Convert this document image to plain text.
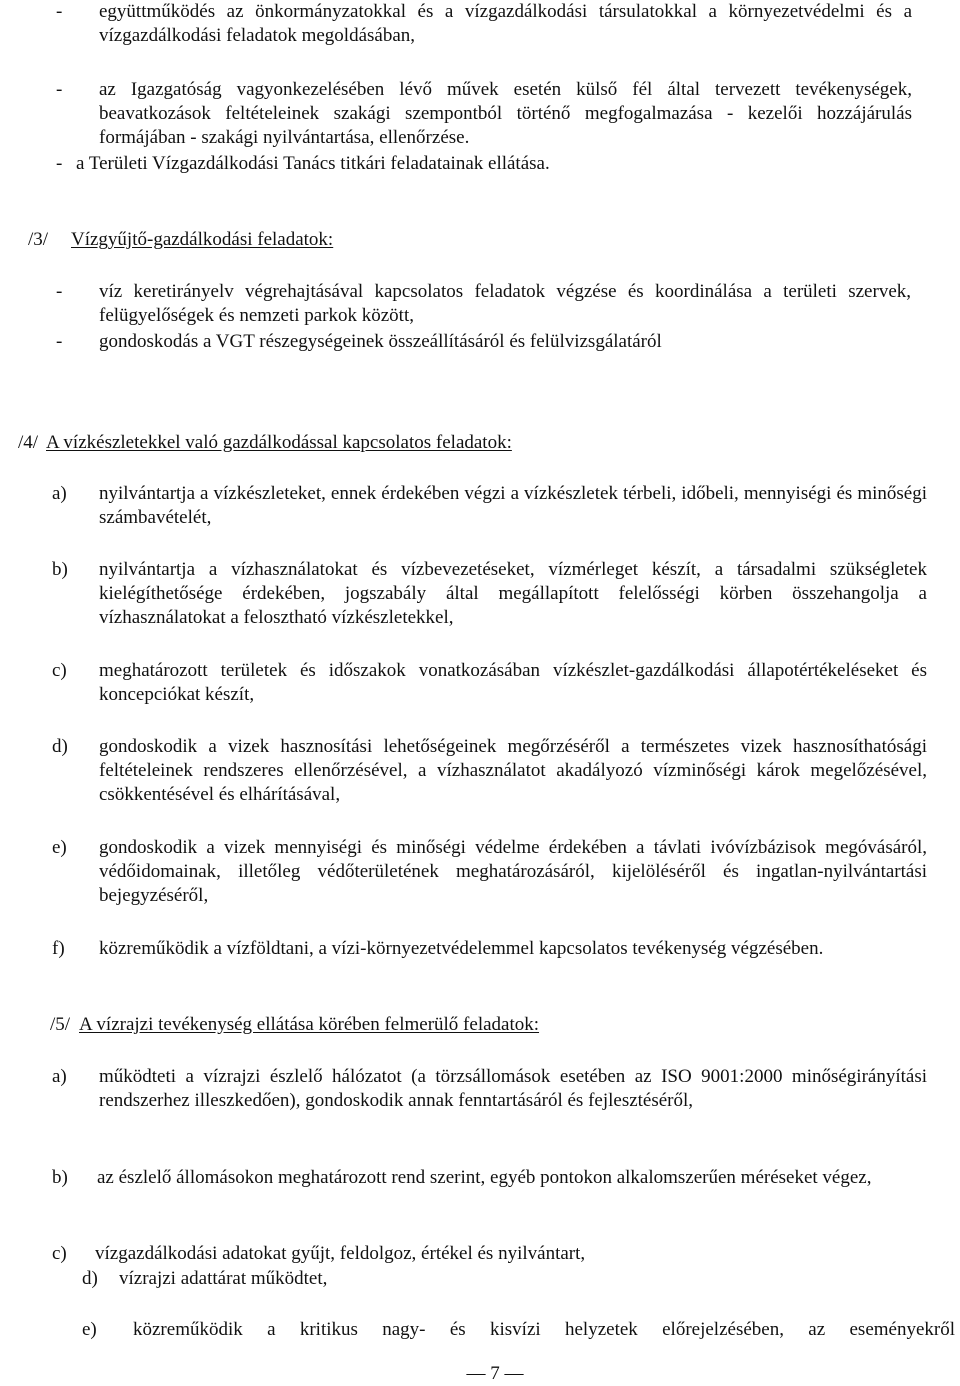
- együttműködés az önkormányzatokkal és a vízgazdálkodási társulatokkal a környezetvédelmi és a vízgazdálkodási feladatok megoldásában,
- az Igazgatóság vagyonkezelésében lévő művek esetén külső fél által tervezett tevékenységek, beavatkozások feltételeinek szakági szempontból történő megfogalmazása - kezelői hozzájárulás formájában - szakági nyilvántartása, ellenőrzése.
- a Területi Vízgazdálkodási Tanács titkári feladatainak ellátása.
/3/ Vízgyűjtő-gazdálkodási feladatok:
- víz keretirányelv végrehajtásával kapcsolatos feladatok végzése és koordinálása a területi szervek, felügyelőségek és nemzeti parkok között,
- gondoskodás a VGT részegységeinek összeállításáról és felülvizsgálatáról
/4/ A vízkészletekkel való gazdálkodással kapcsolatos feladatok:
a) nyilvántartja a vízkészleteket, ennek érdekében végzi a vízkészletek térbeli, időbeli, mennyiségi és minőségi számbavételét,
b) nyilvántartja a vízhasználatokat és vízbevezetéseket, vízmérleget készít, a társadalmi szükségletek kielégíthetősége érdekében, jogszabály által megállapított felelősségi körben összehangolja a vízhasználatokat a felosztható vízkészletekkel,
c) meghatározott területek és időszakok vonatkozásában vízkészlet-gazdálkodási állapotértékeléseket és koncepciókat készít,
d) gondoskodik a vizek hasznosítási lehetőségeinek megőrzéséről a természetes vizek hasznosíthatósági feltételeinek rendszeres ellenőrzésével, a vízhasználatot akadályozó vízminőségi károk megelőzésével, csökkentésével és elhárításával,
e) gondoskodik a vizek mennyiségi és minőségi védelme érdekében a távlati ivóvízbázisok megóvásáról, védőidomainak, illetőleg védőterületének meghatározásáról, kijelöléséről és ingatlan-nyilvántartási bejegyzéséről,
f) közreműködik a vízföldtani, a vízi-környezetvédelemmel kapcsolatos tevékenység végzésében.
/5/ A vízrajzi tevékenység ellátása körében felmerülő feladatok:
a) működteti a vízrajzi észlelő hálózatot (a törzsállomások esetében az ISO 9001:2000 minőségirányítási rendszerhez illeszkedően), gondoskodik annak fenntartásáról és fejlesztéséről,
b) az észlelő állomásokon meghatározott rend szerint, egyéb pontokon alkalomszerűen méréseket végez,
c) vízgazdálkodási adatokat gyűjt, feldolgoz, értékel és nyilvántart,
d) vízrajzi adattárat működtet,
e) közreműködik a kritikus nagy- és kisvízi helyzetek előrejelzésében, az eseményekről
— 7 —
